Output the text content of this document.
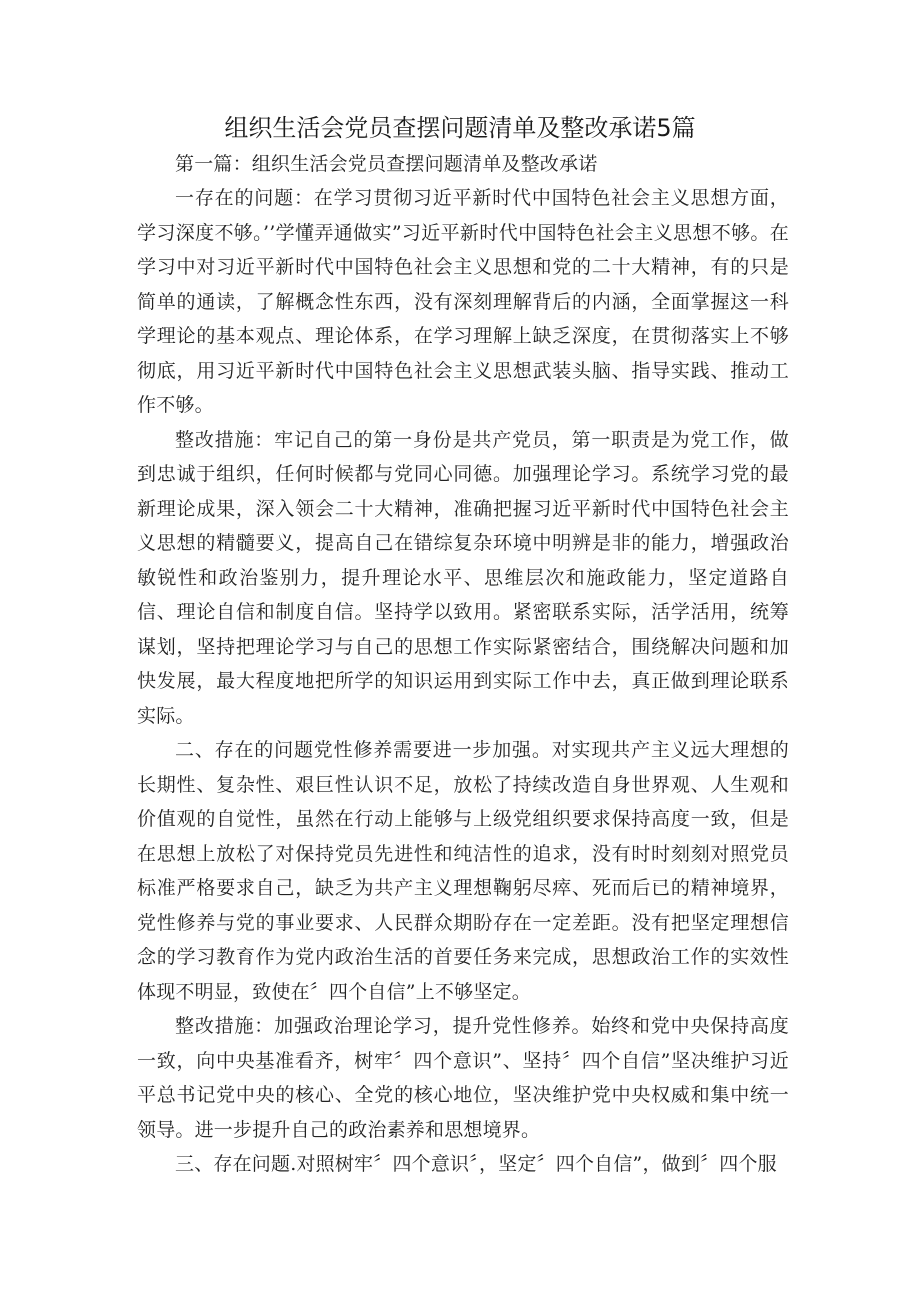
组织生活会党员查摆问题清单及整改承诺5篇

第一篇：组织生活会党员查摆问题清单及整改承诺

一存在的问题：在学习贯彻习近平新时代中国特色社会主义思想方面，学习深度不够。’’学懂弄通做实”习近平新时代中国特色社会主义思想不够。在学习中对习近平新时代中国特色社会主义思想和党的二十大精神，有的只是简单的通读，了解概念性东西，没有深刻理解背后的内涵，全面掌握这一科学理论的基本观点、理论体系，在学习理解上缺乏深度，在贯彻落实上不够彻底，用习近平新时代中国特色社会主义思想武装头脑、指导实践、推动工作不够。

整改措施：牢记自己的第一身份是共产党员，第一职责是为党工作，做到忠诚于组织，任何时候都与党同心同德。加强理论学习。系统学习党的最新理论成果，深入领会二十大精神，准确把握习近平新时代中国特色社会主义思想的精髓要义，提高自己在错综复杂环境中明辨是非的能力，增强政治敏锐性和政治鉴别力，提升理论水平、思维层次和施政能力，坚定道路自信、理论自信和制度自信。坚持学以致用。紧密联系实际，活学活用，统筹谋划，坚持把理论学习与自己的思想工作实际紧密结合，围绕解决问题和加快发展，最大程度地把所学的知识运用到实际工作中去，真正做到理论联系实际。

二、存在的问题党性修养需要进一步加强。对实现共产主义远大理想的长期性、复杂性、艰巨性认识不足，放松了持续改造自身世界观、人生观和价值观的自觉性，虽然在行动上能够与上级党组织要求保持高度一致，但是在思想上放松了对保持党员先进性和纯洁性的追求，没有时时刻刻对照党员标准严格要求自己，缺乏为共产主义理想鞠躬尽瘁、死而后已的精神境界，党性修养与党的事业要求、人民群众期盼存在一定差距。没有把坚定理想信念的学习教育作为党内政治生活的首要任务来完成，思想政治工作的实效性体现不明显，致使在〞四个自信”上不够坚定。

整改措施：加强政治理论学习，提升党性修养。始终和党中央保持高度一致，向中央基准看齐，树牢〞四个意识”、坚持〞四个自信”坚决维护习近平总书记党中央的核心、全党的核心地位，坚决维护党中央权威和集中统一领导。进一步提升自己的政治素养和思想境界。

三、存在问题.对照树牢〞四个意识〞，坚定〞四个自信”，做到〞四个服
